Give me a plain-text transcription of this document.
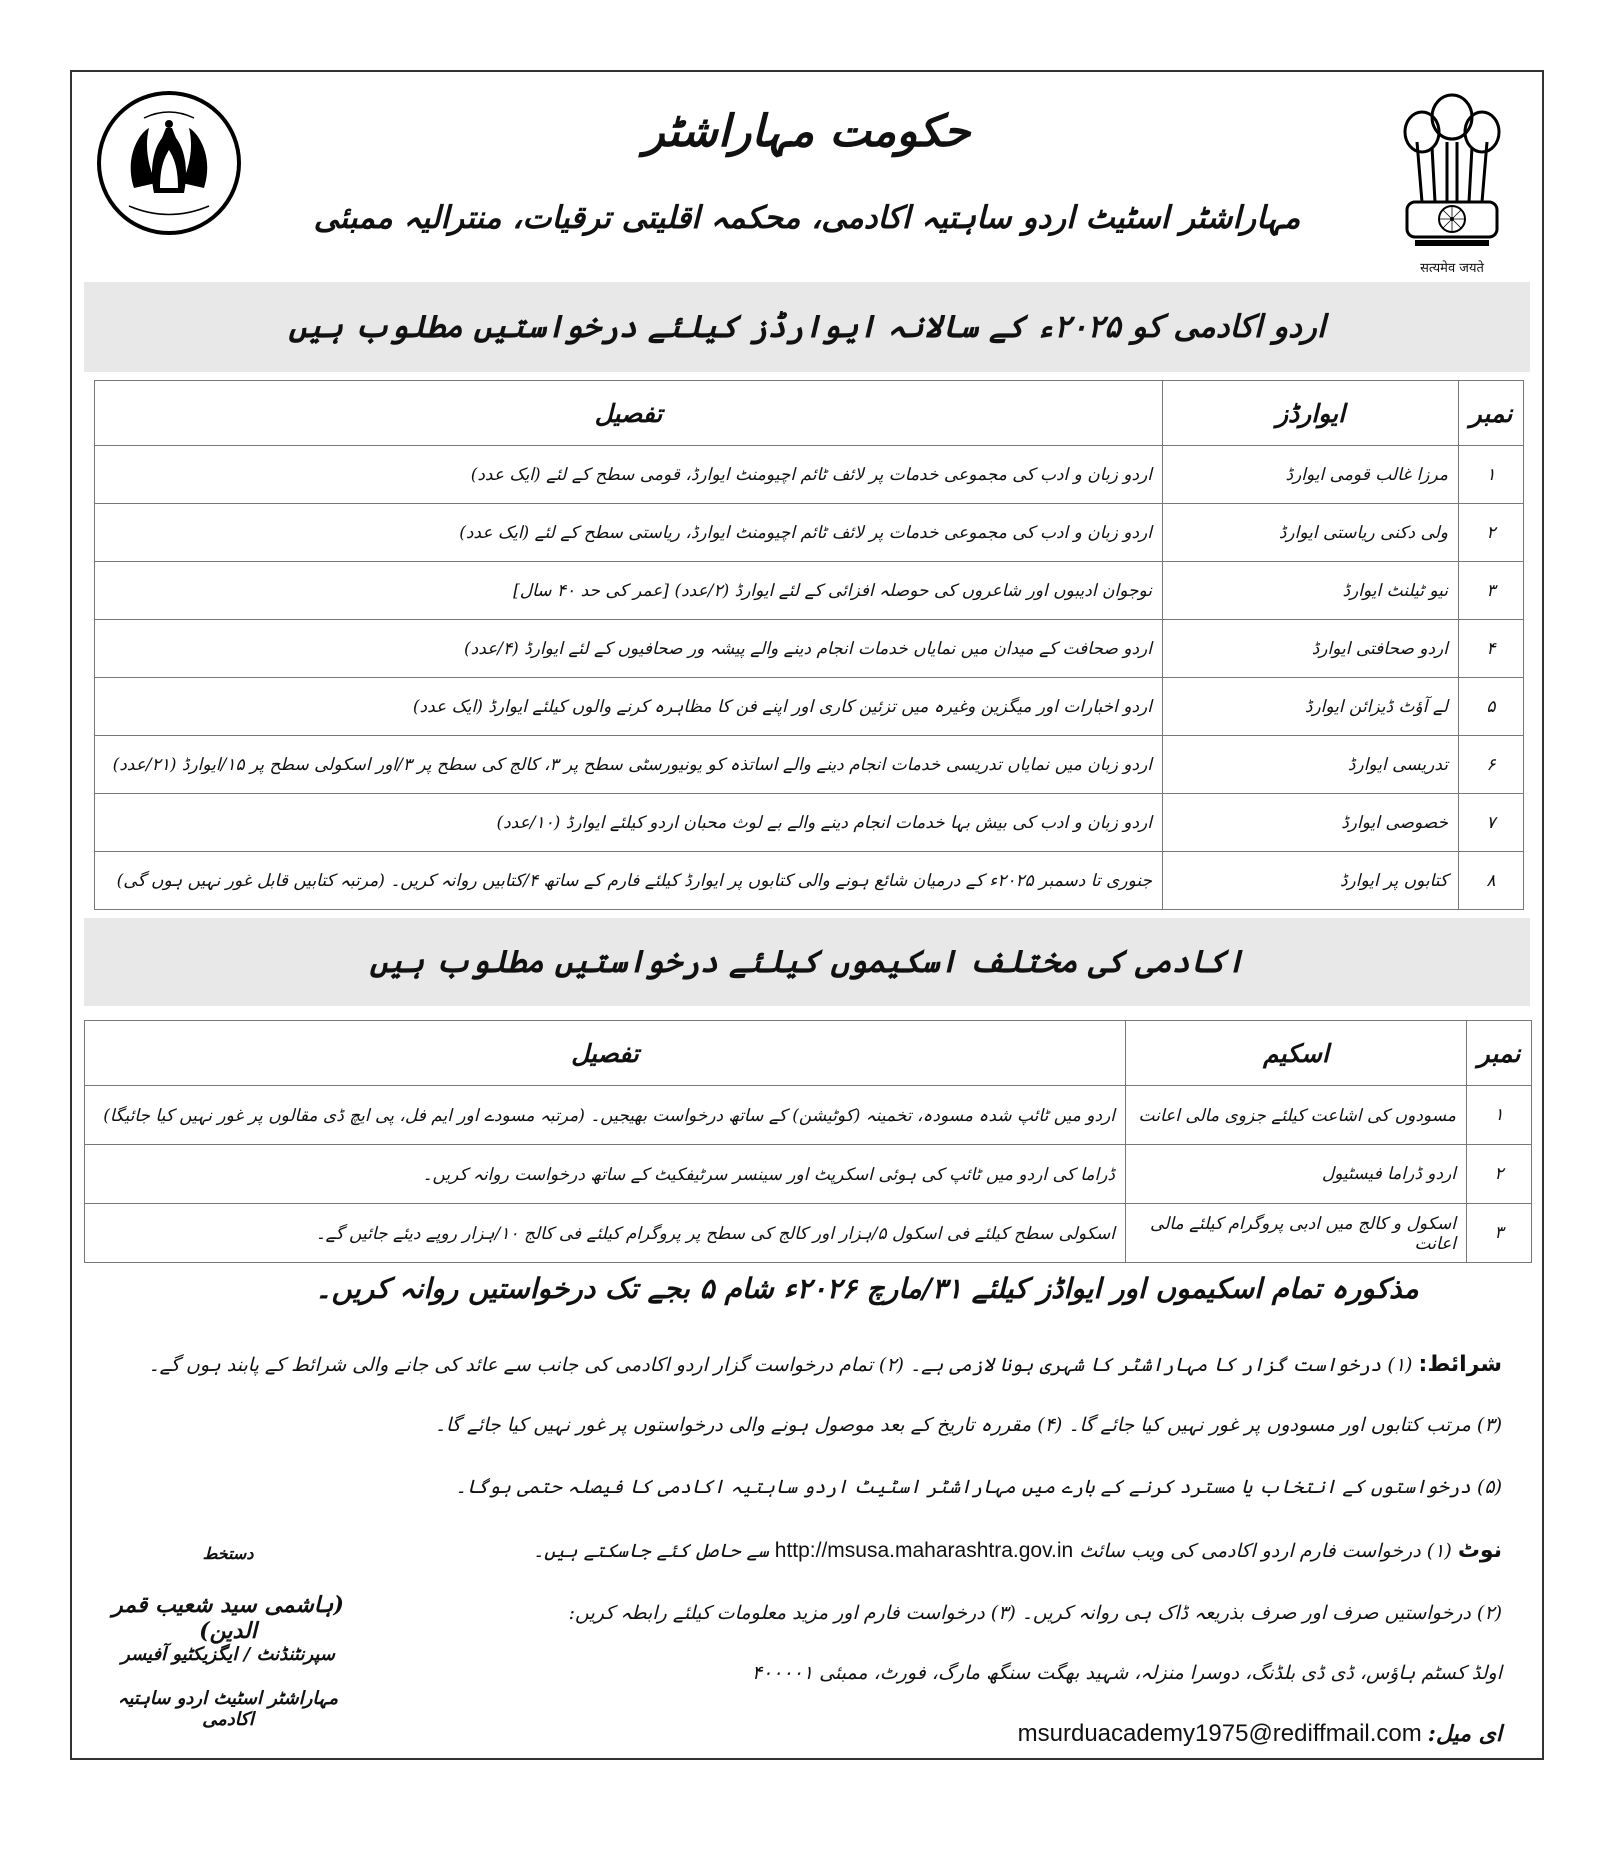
सत्यमेव जयते
حکومت مہاراشٹر
مہاراشٹر اسٹیٹ اردو ساہتیہ اکادمی، محکمہ اقلیتی ترقیات، منترالیہ ممبئی
اردو اکادمی کو ۲۰۲۵ء کے سالانہ ایوارڈز کیلئے درخواستیں مطلوب ہیں
نمبر	ایوارڈز	تفصیل
۱	مرزا غالب قومی ایوارڈ	اردو زبان و ادب کی مجموعی خدمات پر لائف ٹائم اچیومنٹ ایوارڈ، قومی سطح کے لئے (ایک عدد)
۲	ولی دکنی ریاستی ایوارڈ	اردو زبان و ادب کی مجموعی خدمات پر لائف ٹائم اچیومنٹ ایوارڈ، ریاستی سطح کے لئے (ایک عدد)
۳	نیو ٹیلنٹ ایوارڈ	نوجوان ادیبوں اور شاعروں کی حوصلہ افزائی کے لئے ایوارڈ (۲/عدد) [عمر کی حد ۴۰ سال]
۴	اردو صحافتی ایوارڈ	اردو صحافت کے میدان میں نمایاں خدمات انجام دینے والے پیشہ ور صحافیوں کے لئے ایوارڈ (۴/عدد)
۵	لے آؤٹ ڈیزائن ایوارڈ	اردو اخبارات اور میگزین وغیرہ میں تزئین کاری اور اپنے فن کا مظاہرہ کرنے والوں کیلئے ایوارڈ (ایک عدد)
۶	تدریسی ایوارڈ	اردو زبان میں نمایاں تدریسی خدمات انجام دینے والے اساتذہ کو یونیورسٹی سطح پر ۳، کالج کی سطح پر ۳/اور اسکولی سطح پر ۱۵/ایوارڈ (۲۱/عدد)
۷	خصوصی ایوارڈ	اردو زبان و ادب کی بیش بہا خدمات انجام دینے والے بے لوث محبان اردو کیلئے ایوارڈ (۱۰/عدد)
۸	کتابوں پر ایوارڈ	جنوری تا دسمبر ۲۰۲۵ء کے درمیان شائع ہونے والی کتابوں پر ایوارڈ کیلئے فارم کے ساتھ ۴/کتابیں روانہ کریں۔ (مرتبہ کتابیں قابل غور نہیں ہوں گی)
اکادمی کی مختلف اسکیموں کیلئے درخواستیں مطلوب ہیں
نمبر	اسکیم	تفصیل
۱	مسودوں کی اشاعت کیلئے جزوی مالی اعانت	اردو میں ٹائپ شدہ مسودہ، تخمینہ (کوٹیشن) کے ساتھ درخواست بھیجیں۔ (مرتبہ مسودے اور ایم فل، پی ایچ ڈی مقالوں پر غور نہیں کیا جائیگا)
۲	اردو ڈراما فیسٹیول	ڈراما کی اردو میں ٹائپ کی ہوئی اسکرپٹ اور سینسر سرٹیفکیٹ کے ساتھ درخواست روانہ کریں۔
۳	اسکول و کالج میں ادبی پروگرام کیلئے مالی اعانت	اسکولی سطح کیلئے فی اسکول ۵/ہزار اور کالج کی سطح پر پروگرام کیلئے فی کالج ۱۰/ہزار روپے دیئے جائیں گے۔
مذکورہ تمام اسکیموں اور ایواڈز کیلئے ۳۱/مارچ ۲۰۲۶ء شام ۵ بجے تک درخواستیں روانہ کریں۔
شرائط: (۱) درخواست گزار کا مہاراشٹر کا شہری ہونا لازمی ہے۔ (۲) تمام درخواست گزار اردو اکادمی کی جانب سے عائد کی جانے والی شرائط کے پابند ہوں گے۔
(۳) مرتب کتابوں اور مسودوں پر غور نہیں کیا جائے گا۔ (۴) مقررہ تاریخ کے بعد موصول ہونے والی درخواستوں پر غور نہیں کیا جائے گا۔
(۵) درخواستوں کے انتخاب یا مسترد کرنے کے بارے میں مہاراشٹر اسٹیٹ اردو ساہتیہ اکادمی کا فیصلہ حتمی ہوگا۔
نوٹ (۱) درخواست فارم اردو اکادمی کی ویب سائٹ http://msusa.maharashtra.gov.in سے حاصل کئے جاسکتے ہیں۔
(۲) درخواستیں صرف اور صرف بذریعہ ڈاک ہی روانہ کریں۔ (۳) درخواست فارم اور مزید معلومات کیلئے رابطہ کریں:
اولڈ کسٹم ہاؤس، ڈی ڈی بلڈنگ، دوسرا منزلہ، شہید بھگت سنگھ مارگ، فورٹ، ممبئی ۴۰۰۰۰۱
ای میل: msurduacademy1975@rediffmail.com
دستخط
(ہاشمی سید شعیب قمر الدین)
سپرنٹنڈنٹ / ایگزیکٹیو آفیسر
مہاراشٹر اسٹیٹ اردو ساہتیہ اکادمی
